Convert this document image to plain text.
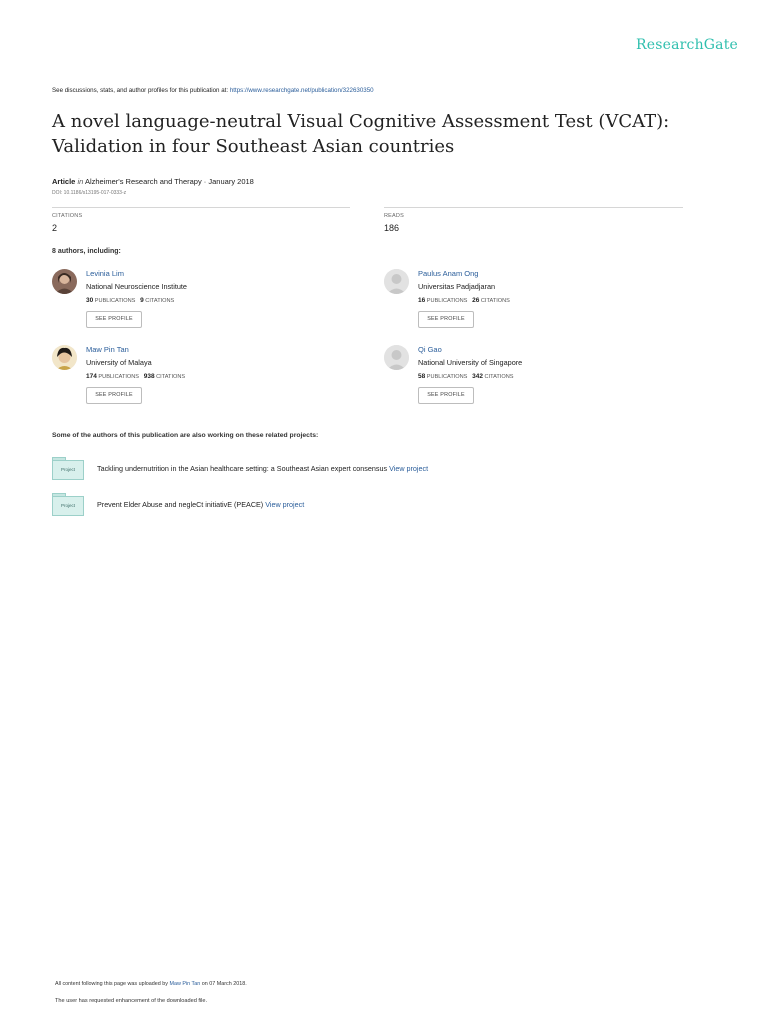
ResearchGate
See discussions, stats, and author profiles for this publication at: https://www.researchgate.net/publication/322630350
A novel language-neutral Visual Cognitive Assessment Test (VCAT):
Validation in four Southeast Asian countries
Article in Alzheimer's Research and Therapy · January 2018
DOI: 10.1186/s13195-017-0333-z
CITATIONS
2
READS
186
8 authors, including:
Levinia Lim
National Neuroscience Institute
30 PUBLICATIONS 9 CITATIONS
SEE PROFILE
Paulus Anam Ong
Universitas Padjadjaran
16 PUBLICATIONS 26 CITATIONS
SEE PROFILE
Maw Pin Tan
University of Malaya
174 PUBLICATIONS 938 CITATIONS
SEE PROFILE
Qi Gao
National University of Singapore
58 PUBLICATIONS 342 CITATIONS
SEE PROFILE
Some of the authors of this publication are also working on these related projects:
Project	Tackling undernutrition in the Asian healthcare setting: a Southeast Asian expert consensus View project
Project	Prevent Elder Abuse and negleCt initiativE (PEACE) View project
All content following this page was uploaded by Maw Pin Tan on 07 March 2018.
The user has requested enhancement of the downloaded file.
